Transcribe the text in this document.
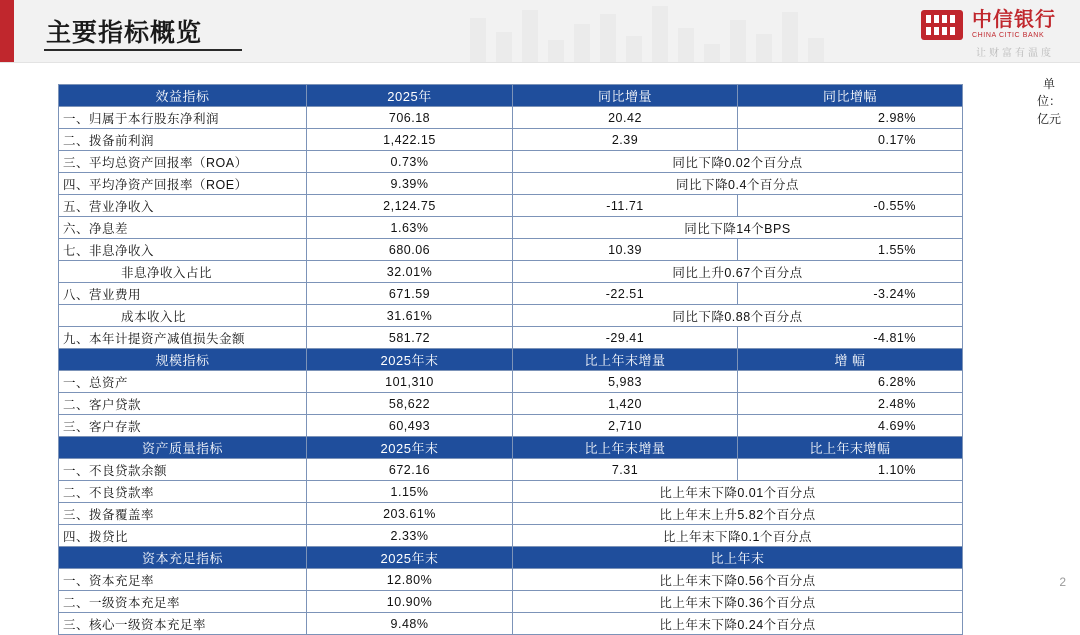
主要指标概览	中信银行
CHINA CITIC BANK
让财富有温度
单位：亿元
效益指标	2025年	同比增量	同比增幅
一、归属于本行股东净利润	706.18	20.42	2.98%
二、拨备前利润	1,422.15	2.39	0.17%
三、平均总资产回报率（ROA）	0.73%	同比下降0.02个百分点	
四、平均净资产回报率（ROE）	9.39%	同比下降0.4个百分点	
五、营业净收入	2,124.75	-11.71	-0.55%
六、净息差	1.63%	同比下降14个BPS	
七、非息净收入	680.06	10.39	1.55%
非息净收入占比	32.01%	同比上升0.67个百分点	
八、营业费用	671.59	-22.51	-3.24%
成本收入比	31.61%	同比下降0.88个百分点	
九、本年计提资产减值损失金额	581.72	-29.41	-4.81%
规模指标	2025年末	比上年末增量	增 幅
一、总资产	101,310	5,983	6.28%
二、客户贷款	58,622	1,420	2.48%
三、客户存款	60,493	2,710	4.69%
资产质量指标	2025年末	比上年末增量	比上年末增幅
一、不良贷款余额	672.16	7.31	1.10%
二、不良贷款率	1.15%	比上年末下降0.01个百分点	
三、拨备覆盖率	203.61%	比上年末上升5.82个百分点	
四、拨贷比	2.33%	比上年末下降0.1个百分点	
资本充足指标	2025年末	比上年末	
一、资本充足率	12.80%	比上年末下降0.56个百分点	
二、一级资本充足率	10.90%	比上年末下降0.36个百分点	
三、核心一级资本充足率	9.48%	比上年末下降0.24个百分点	
2
